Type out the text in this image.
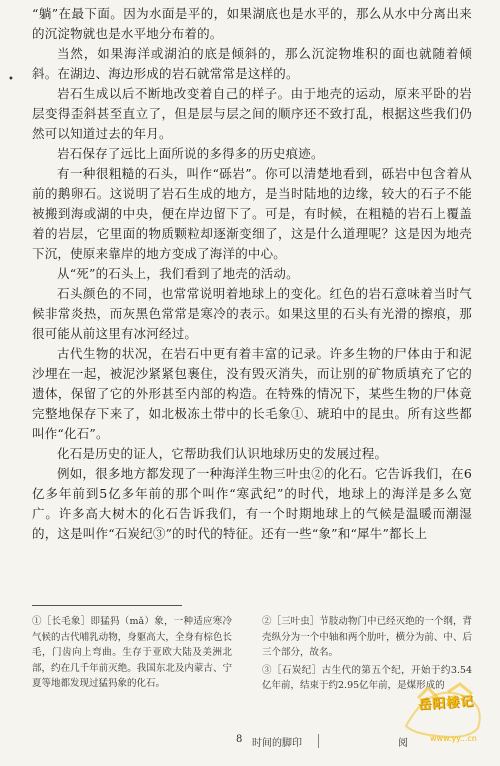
“躺”在最下面。因为水面是平的，如果湖底也是水平的，那么从水中分离出来的沉淀物就也是水平地分布着的。

当然，如果海洋或湖泊的底是倾斜的，那么沉淀物堆积的面也就随着倾斜。在湖边、海边形成的岩石就常常是这样的。

岩石生成以后不断地改变着自己的样子。由于地壳的运动，原来平卧的岩层变得歪斜甚至直立了，但是层与层之间的顺序还不致打乱，根据这些我们仍然可以知道过去的年月。

岩石保存了远比上面所说的多得多的历史痕迹。

有一种很粗糙的石头，叫作“砾岩”。你可以清楚地看到，砾岩中包含着从前的鹅卵石。这说明了岩石生成的地方，是当时陆地的边缘，较大的石子不能被搬到海或湖的中央，便在岸边留下了。可是，有时候，在粗糙的岩石上覆盖着的岩层，它里面的物质颗粒却逐渐变细了，这是什么道理呢？这是因为地壳下沉，使原来靠岸的地方变成了海洋的中心。

从“死”的石头上，我们看到了地壳的活动。

石头颜色的不同，也常常说明着地球上的变化。红色的岩石意味着当时气候非常炎热，而灰黑色常常是寒冷的表示。如果这里的石头有光滑的擦痕，那很可能从前这里有冰河经过。

古代生物的状况，在岩石中更有着丰富的记录。许多生物的尸体由于和泥沙埋在一起，被泥沙紧紧包裹住，没有毁灭消失，而让别的矿物质填充了它的遗体，保留了它的外形甚至内部的构造。在特殊的情况下，某些生物的尸体竟完整地保存下来了，如北极冻土带中的长毛象①、琥珀中的昆虫。所有这些都叫作“化石”。

化石是历史的证人，它帮助我们认识地球历史的发展过程。

例如，很多地方都发现了一种海洋生物三叶虫②的化石。它告诉我们，在6亿多年前到5亿多年前的那个叫作“寒武纪”的时代，地球上的海洋是多么宽广。许多高大树木的化石告诉我们，有一个时期地球上的气候是温暖而潮湿的，这是叫作“石炭纪③”的时代的特征。还有一些“象”和“犀牛”都长上

•

①［长毛象］即猛犸（mǎ）象，一种适应寒冷气候的古代哺乳动物，身躯高大，全身有棕色长毛，门齿向上弯曲。生存于亚欧大陆及美洲北部，约在几千年前灭绝。我国东北及内蒙古、宁夏等地都发现过猛犸象的化石。

②［三叶虫］节肢动物门中已经灭绝的一个纲，背壳纵分为一个中轴和两个肋叶，横分为前、中、后三个部分，故名。

③［石炭纪］古生代的第五个纪，开始于约3.54亿年前，结束于约2.95亿年前，是煤形成的

8 时间的脚印	阅
岳阳楼记
www.yy...cn
